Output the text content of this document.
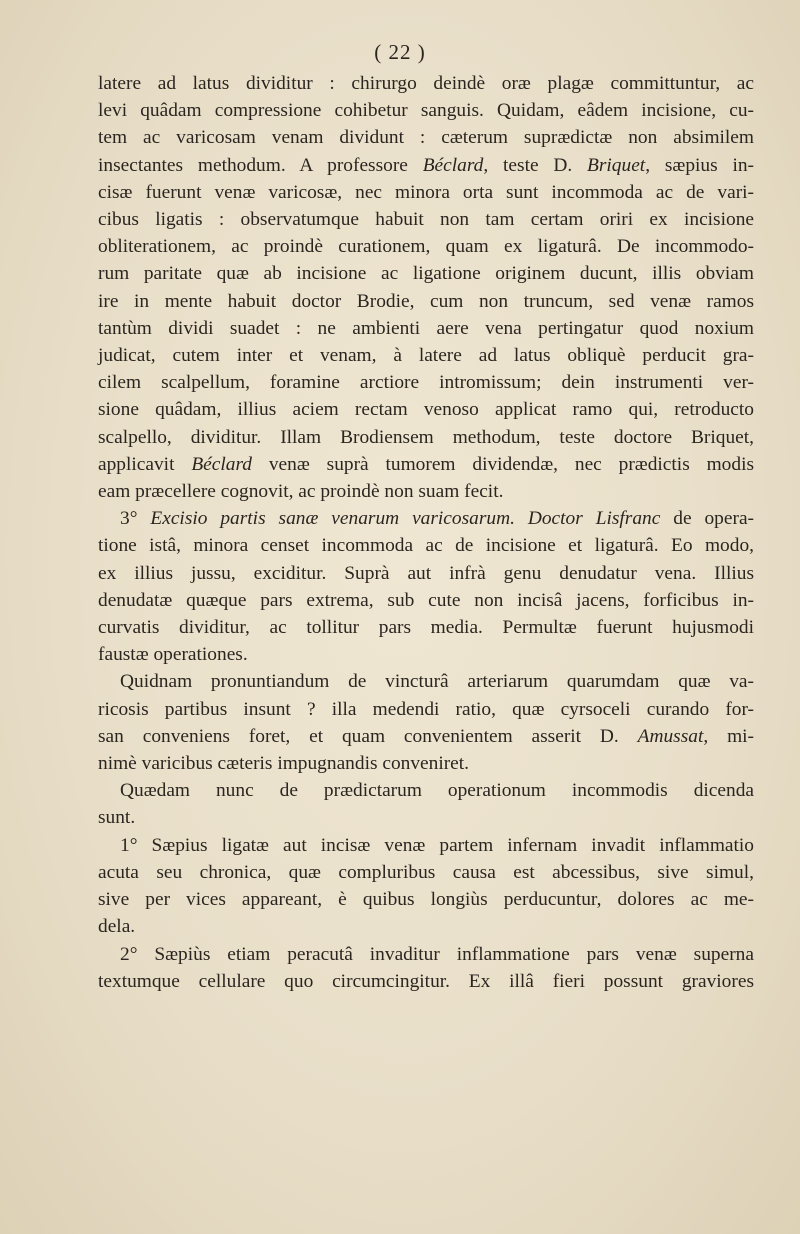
( 22 )
latere ad latus dividitur : chirurgo deindè oræ plagæ committuntur, ac
levi quâdam compressione cohibetur sanguis. Quidam, eâdem incisione, cu-
tem ac varicosam venam dividunt : cæterum suprædictæ non absimilem
insectantes methodum. A professore Béclard, teste D. Briquet, sæpius in-
cisæ fuerunt venæ varicosæ, nec minora orta sunt incommoda ac de vari-
cibus ligatis : observatumque habuit non tam certam oriri ex incisione
obliterationem, ac proindè curationem, quam ex ligaturâ. De incommodo-
rum paritate quæ ab incisione ac ligatione originem ducunt, illis obviam
ire in mente habuit doctor Brodie, cum non truncum, sed venæ ramos
tantùm dividi suadet : ne ambienti aere vena pertingatur quod noxium
judicat, cutem inter et venam, à latere ad latus obliquè perducit gra-
cilem scalpellum, foramine arctiore intromissum; dein instrumenti ver-
sione quâdam, illius aciem rectam venoso applicat ramo qui, retroducto
scalpello, dividitur. Illam Brodiensem methodum, teste doctore Briquet,
applicavit Béclard venæ suprà tumorem dividendæ, nec prædictis modis
eam præcellere cognovit, ac proindè non suam fecit.
3° Excisio partis sanæ venarum varicosarum. Doctor Lisfranc de opera-
tione istâ, minora censet incommoda ac de incisione et ligaturâ. Eo modo,
ex illius jussu, exciditur. Suprà aut infrà genu denudatur vena. Illius
denudatæ quæque pars extrema, sub cute non incisâ jacens, forficibus in-
curvatis dividitur, ac tollitur pars media. Permultæ fuerunt hujusmodi
faustæ operationes.
Quidnam pronuntiandum de vincturâ arteriarum quarumdam quæ va-
ricosis partibus insunt ? illa medendi ratio, quæ cyrsoceli curando for-
san conveniens foret, et quam convenientem asserit D. Amussat, mi-
nimè varicibus cæteris impugnandis conveniret.
Quædam nunc de prædictarum operationum incommodis dicenda
sunt.
1° Sæpius ligatæ aut incisæ venæ partem infernam invadit inflammatio
acuta seu chronica, quæ compluribus causa est abcessibus, sive simul,
sive per vices appareant, è quibus longiùs perducuntur, dolores ac me-
dela.
2° Sæpiùs etiam peracutâ invaditur inflammatione pars venæ superna
textumque cellulare quo circumcingitur. Ex illâ fieri possunt graviores
